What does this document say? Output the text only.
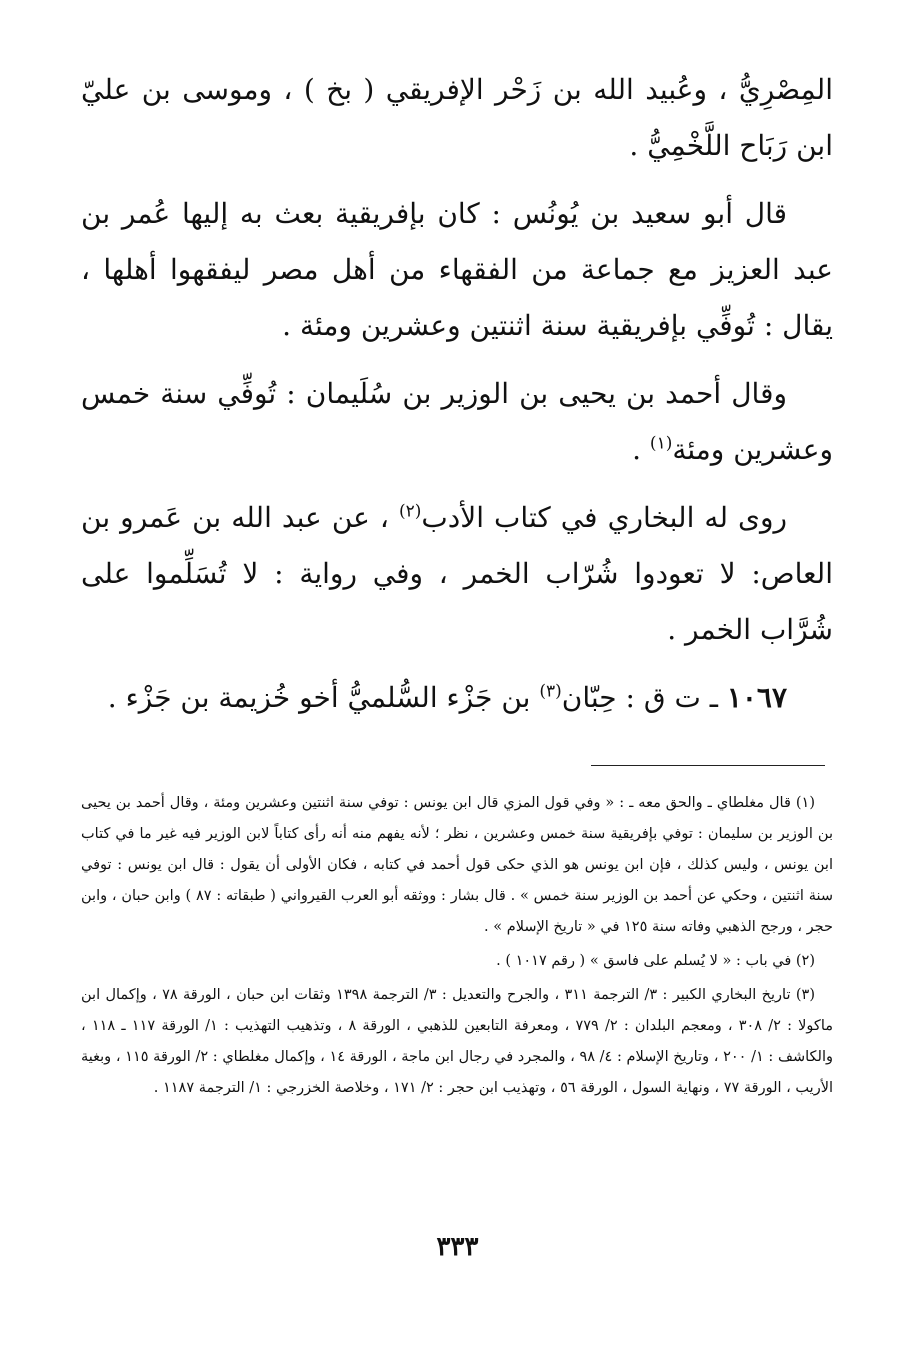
المِصْرِيُّ ، وعُبيد الله بن زَحْر الإفريقي ( بخ ) ، وموسى بن عليّ ابن رَبَاح اللَّخْمِيُّ .

قال أبو سعيد بن يُونُس : كان بإفريقية بعث به إليها عُمر بن عبد العزيز مع جماعة من الفقهاء من أهل مصر ليفقهوا أهلها ، يقال : تُوفِّي بإفريقية سنة اثنتين وعشرين ومئة .

وقال أحمد بن يحيى بن الوزير بن سُلَيمان : تُوفِّي سنة خمس وعشرين ومئة$^{(١)}$ .

روى له البخاري في كتاب الأدب$^{(٢)}$ ، عن عبد الله بن عَمرو بن العاص: لا تعودوا شُرّاب الخمر ، وفي رواية : لا تُسَلِّموا على شُرَّاب الخمر .

١٠٦٧ ـ ت ق : حِبّان$^{(٣)}$ بن جَزْء السُّلميُّ أخو خُزيمة بن جَزْء .

(١) قال مغلطاي ـ والحق معه ـ : « وفي قول المزي قال ابن يونس : توفي سنة اثنتين وعشرين ومئة ، وقال أحمد بن يحيى بن الوزير بن سليمان : توفي بإفريقية سنة خمس وعشرين ، نظر ؛ لأنه يفهم منه أنه رأى كتاباً لابن الوزير فيه غير ما في كتاب ابن يونس ، وليس كذلك ، فإن ابن يونس هو الذي حكى قول أحمد في كتابه ، فكان الأولى أن يقول : قال ابن يونس : توفي سنة اثنتين ، وحكي عن أحمد بن الوزير سنة خمس » . قال بشار : ووثقه أبو العرب القيرواني ( طبقاته : ٨٧ ) وابن حبان ، وابن حجر ، ورجح الذهبي وفاته سنة ١٢٥ في « تاريخ الإسلام » .

(٢) في باب : « لا يُسلم على فاسق » ( رقم ١٠١٧ ) .

(٣) تاريخ البخاري الكبير : ٣/ الترجمة ٣١١ ، والجرح والتعديل : ٣/ الترجمة ١٣٩٨ وثقات ابن حبان ، الورقة ٧٨ ، وإكمال ابن ماكولا : ٢/ ٣٠٨ ، ومعجم البلدان : ٢/ ٧٧٩ ، ومعرفة التابعين للذهبي ، الورقة ٨ ، وتذهيب التهذيب : ١/ الورقة ١١٧ ـ ١١٨ ، والكاشف : ١/ ٢٠٠ ، وتاريخ الإسلام : ٤/ ٩٨ ، والمجرد في رجال ابن ماجة ، الورقة ١٤ ، وإكمال مغلطاي : ٢/ الورقة ١١٥ ، وبغية الأريب ، الورقة ٧٧ ، ونهاية السول ، الورقة ٥٦ ، وتهذيب ابن حجر : ٢/ ١٧١ ، وخلاصة الخزرجي : ١/ الترجمة ١١٨٧ .

٣٣٣
